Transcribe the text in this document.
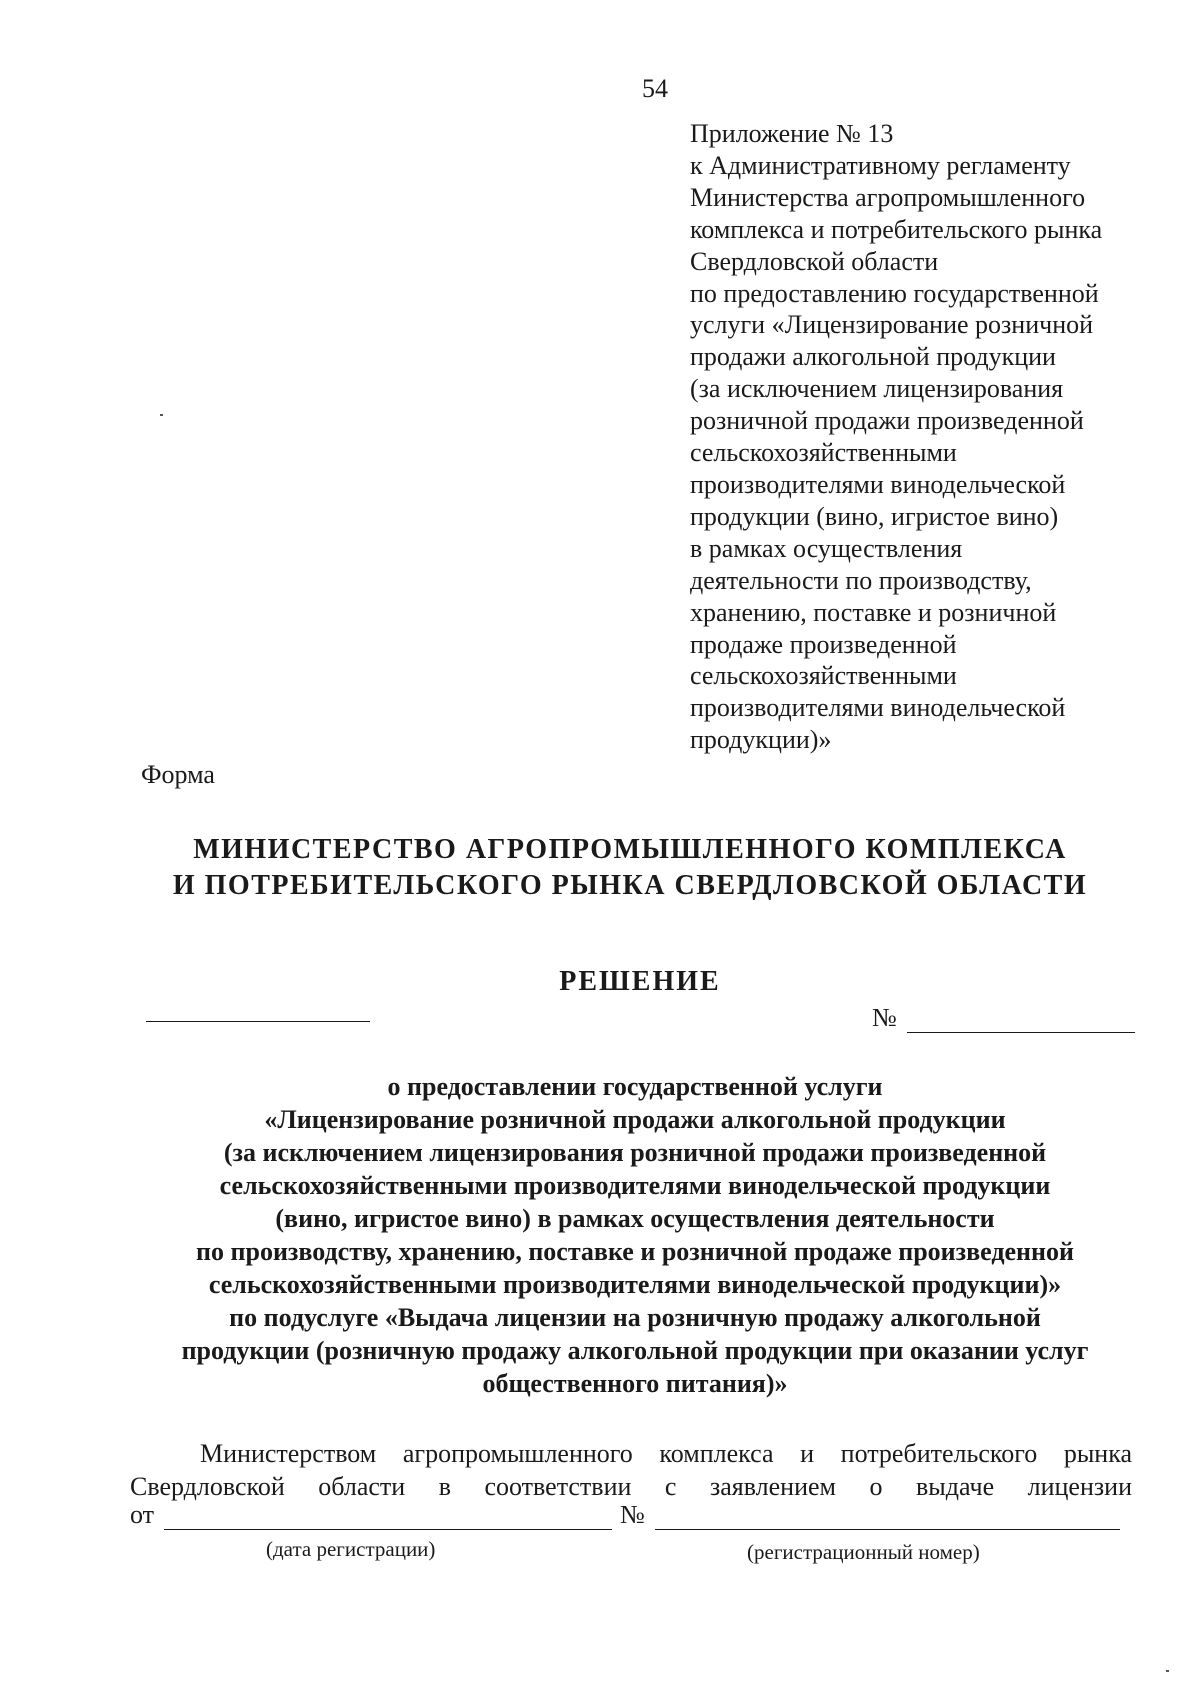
54
Приложение № 13
к Административному регламенту
Министерства агропромышленного
комплекса и потребительского рынка
Свердловской области
по предоставлению государственной
услуги «Лицензирование розничной
продажи алкогольной продукции
(за исключением лицензирования
розничной продажи произведенной
сельскохозяйственными
производителями винодельческой
продукции (вино, игристое вино)
в рамках осуществления
деятельности по производству,
хранению, поставке и розничной
продаже произведенной
сельскохозяйственными
производителями винодельческой
продукции)»
Форма
МИНИСТЕРСТВО АГРОПРОМЫШЛЕННОГО КОМПЛЕКСА
И ПОТРЕБИТЕЛЬСКОГО РЫНКА СВЕРДЛОВСКОЙ ОБЛАСТИ
РЕШЕНИЕ
№
о предоставлении государственной услуги
«Лицензирование розничной продажи алкогольной продукции
(за исключением лицензирования розничной продажи произведенной
сельскохозяйственными производителями винодельческой продукции
(вино, игристое вино) в рамках осуществления деятельности
по производству, хранению, поставке и розничной продаже произведенной
сельскохозяйственными производителями винодельческой продукции)»
по подуслуге «Выдача лицензии на розничную продажу алкогольной
продукции (розничную продажу алкогольной продукции при оказании услуг
общественного питания)»
Министерством агропромышленного комплекса и потребительского рынка
Свердловской области в соответствии с заявлением о выдаче лицензии
от	№
(дата регистрации)	(регистрационный номер)
